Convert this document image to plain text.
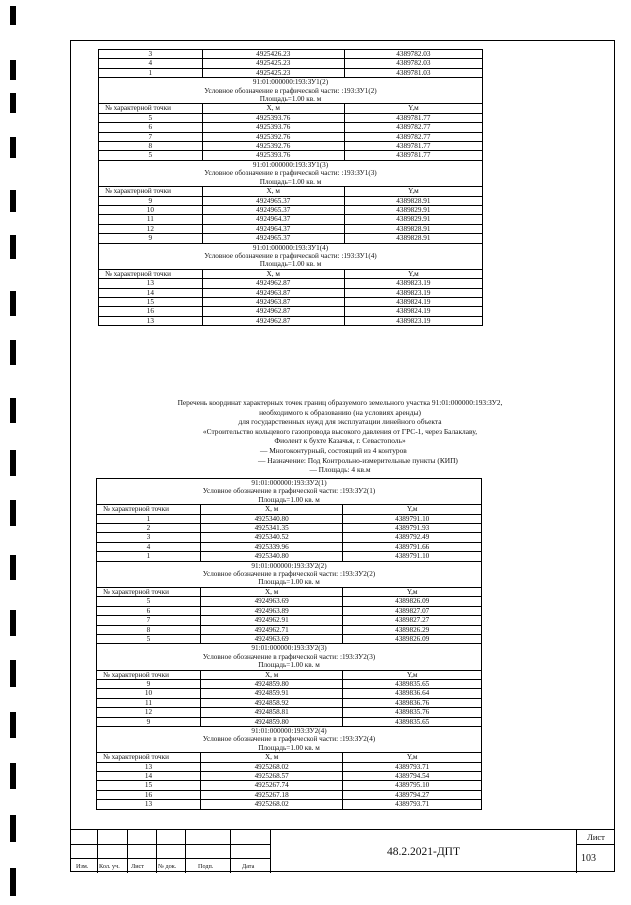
3	4925426.23	4389782.03
4	4925425.23	4389782.03
1	4925425.23	4389781.03
91:01:000000:193:ЗУ1(2)		
Условное обозначение в графической части: :193:ЗУ1(2)		
Площадь=1.00 кв. м		
№ характерной точки	X, м	Y,м
5	4925393.76	4389781.77
6	4925393.76	4389782.77
7	4925392.76	4389782.77
8	4925392.76	4389781.77
5	4925393.76	4389781.77
91:01:000000:193:ЗУ1(3)		
Условное обозначение в графической части: :193:ЗУ1(3)		
Площадь=1.00 кв. м		
№ характерной точки	X, м	Y,м
9	4924965.37	4389828.91
10	4924965.37	4389829.91
11	4924964.37	4389829.91
12	4924964.37	4389828.91
9	4924965.37	4389828.91
91:01:000000:193:ЗУ1(4)		
Условное обозначение в графической части: :193:ЗУ1(4)		
Площадь=1.00 кв. м		
№ характерной точки	X, м	Y,м
13	4924962.87	4389823.19
14	4924963.87	4389823.19
15	4924963.87	4389824.19
16	4924962.87	4389824.19
13	4924962.87	4389823.19
Перечень координат характерных точек границ образуемого земельного участка 91:01:000000:193:ЗУ2,
необходимого к образованию (на условиях аренды)
для государственных нужд для эксплуатации линейного объекта
«Строительство кольцевого газопровода высокого давления от ГРС-1, через Балаклаву,
Фиолент к бухте Казачья, г. Севастополь»
— Многоконтурный, состоящий из 4 контуров
— Назначение: Под Контрольно-измерительные пункты (КИП)
— Площадь: 4 кв.м
91:01:000000:193:ЗУ2(1)		
Условное обозначение в графической части: :193:ЗУ2(1)		
Площадь=1.00 кв. м		
№ характерной точки	X, м	Y,м
1	4925340.80	4389791.10
2	4925341.35	4389791.93
3	4925340.52	4389792.49
4	4925339.96	4389791.66
1	4925340.80	4389791.10
91:01:000000:193:ЗУ2(2)		
Условное обозначение в графической части: :193:ЗУ2(2)		
Площадь=1.00 кв. м		
№ характерной точки	X, м	Y,м
5	4924963.69	4389826.09
6	4924963.89	4389827.07
7	4924962.91	4389827.27
8	4924962.71	4389826.29
5	4924963.69	4389826.09
91:01:000000:193:ЗУ2(3)		
Условное обозначение в графической части: :193:ЗУ2(3)		
Площадь=1.00 кв. м		
№ характерной точки	X, м	Y,м
9	4924859.80	4389835.65
10	4924859.91	4389836.64
11	4924858.92	4389836.76
12	4924858.81	4389835.76
9	4924859.80	4389835.65
91:01:000000:193:ЗУ2(4)		
Условное обозначение в графической части: :193:ЗУ2(4)		
Площадь=1.00 кв. м		
№ характерной точки	X, м	Y,м
13	4925268.02	4389793.71
14	4925268.57	4389794.54
15	4925267.74	4389795.10
16	4925267.18	4389794.27
13	4925268.02	4389793.71
Изм. Кол. уч. Лист № док.	Подп.	Дата
48.2.2021-ДПТ
Лист
103
